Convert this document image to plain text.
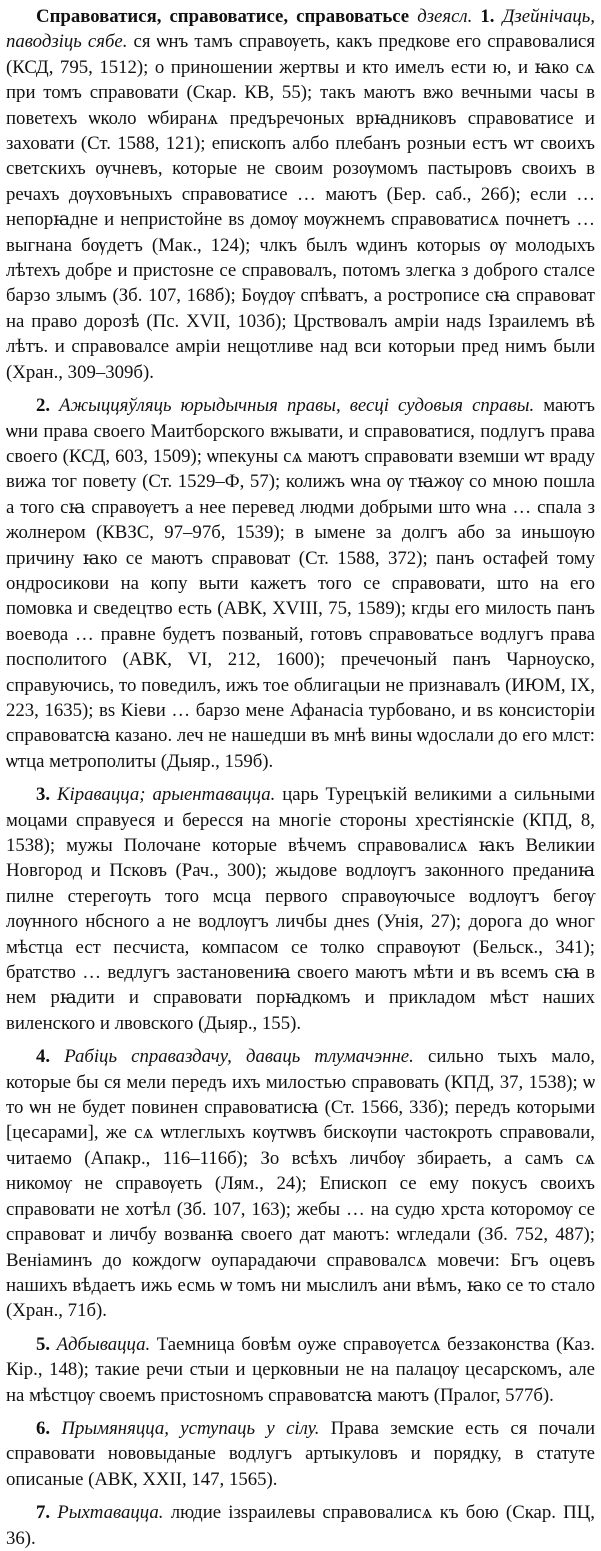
Справоватися, справоватисе, справоватьсе дзеясл. 1. Дзейнічаць, паводзіць сябе. ся ѡнъ тамъ справѹеть, какъ предкове его справовалися (КСД, 795, 1512); о приношении жертвы и кто имелъ ести ю, и ꙗко сѧ при томъ справовати (Скар. КВ, 55); такъ маютъ вжо вечными часы в поветехъ ѡколо ѡбиранѧ предъречоных врꙗдниковъ справоватисе и заховати (Ст. 1588, 121); епископъ албо плебанъ розныи естъ ѡт своихъ светскихъ ѹчневъ, которые не своим розѹмомъ пастыровъ своихъ в речахъ дѹховъныхъ справоватисе … маютъ (Бер. саб., 26б); если … непорꙗдне и непристойне вѕ домѹ мѹжнемъ справоватисѧ почнетъ … выгнана бѹдетъ (Мак., 124); члкъ былъ ѡдинъ которыѕ ѹ молодыхъ лѣтехъ добре и пристоѕне се справовалъ, потомъ злегка з доброго сталсе барзо злымъ (Зб. 107, 168б); Бѹдѹ спѣватъ, а рострописе сꙗ справоват на право дорозѣ (Пс. XVII, 103б); Црствовалъ амріи надѕ Ізраилемъ вѣ лѣтъ. и справовалсе амріи нещотливе над вси которыи пред нимъ были (Хран., 309–309б).

2. Ажыццяўляць юрыдычныя правы, весці судовыя справы. маютъ ѡни права своего Маитборского вжывати, и справоватися, подлугъ права своего (КСД, 603, 1509); ѡпекуны сѧ маютъ справовати вземши ѡт враду вижа тог повету (Ст. 1529–Ф, 57); колижъ ѡна ѹ тꙗжѹ со мною пошла а того сꙗ справѹетъ а нее перевед людми добрыми што ѡна … спала з жолнером (КВЗС, 97–97б, 1539); в ымене за долгъ або за иньшѹю причину ꙗко се маютъ справоват (Ст. 1588, 372); панъ остафей тому ондросикови на копу выти кажетъ того се справовати, што на его помовка и сведецтво есть (АВК, XVIII, 75, 1589); кгды его милость панъ воевода … правне будетъ позваный, готовъ справоватьсе водлугъ права посполитого (АВК, VI, 212, 1600); пречечоный панъ Чарноуско, справуючись, то поведилъ, ижъ тое облигацыи не признавалъ (ИЮМ, IX, 223, 1635); вѕ Кіеви … барзо мене Афанасіа турбовано, и вѕ консисторіи справоватсꙗ казано. леч не нашедши въ мнѣ вины ѡдослали до его млст: ѡтца метрополиты (Дыяр., 159б).

3. Кіравацца; арыентавацца. царь Турецъкій великими а сильными моцами справуеся и бересся на многіе стороны хрестіянскіе (КПД, 8, 1538); мужы Полочане которые вѣчемъ справовалисѧ ꙗкъ Великии Новгород и Псковъ (Рач., 300); жыдове водлѹгъ законного преданиꙗ пилне стерегѹть того мсца первого справѹючысе водлѹгъ бегѹ лѹнного нбсного а не водлѹгъ личбы днеѕ (Унія, 27); дорога до ѡног мѣстца ест песчиста, компасом се толко справѹют (Бельск., 341); братство … ведлугъ застановениꙗ своего маютъ мѣти и въ всемъ сꙗ в нем рꙗдити и справовати порꙗдкомъ и прикладом мѣст наших виленского и лвовского (Дыяр., 155).

4. Рабіць справаздачу, даваць тлумачэнне. сильно тыхъ мало, которые бы ся мели передъ ихъ милостью справовать (КПД, 37, 1538); ѡ то ѡн не будет повинен справоватисꙗ (Ст. 1566, 33б); передъ которыми [цесарами], же сѧ ѡтлеглыхъ кѹтѡвъ бискѹпи частокроть справовали, читаемо (Апакр., 116–116б); Зо всѣхъ личбѹ збираеть, а самъ сѧ никомѹ не справѹеть (Лям., 24); Епископ се ему покусъ своихъ справовати не хотѣл (Зб. 107, 163); жебы … на судю хрста которомѹ се справоват и личбу возванꙗ своего дат маютъ: ѡгледали (Зб. 752, 487); Веніаминъ до кождогѡ оупарадаючи справовалсѧ мовечи: Бгъ оцевъ нашихъ вѣдаетъ ижь есмь ѡ томъ ни мыслилъ ани вѣмъ, ꙗко се то стало (Хран., 71б).

5. Адбывацца. Таемница бовѣм оуже справѹетсѧ беззаконства (Каз. Кір., 148); такие речи стыи и церковныи не на палацѹ цесарскомъ, але на мѣстцѹ своемъ пристоѕномъ справоватсꙗ маютъ (Пралог, 577б).

6. Прымяняцца, уступаць у сілу. Права земские есть ся почали справовати нововыданые водлугъ артыкуловъ и порядку, в статуте описаные (АВК, XXII, 147, 1565).

7. Рыхтавацца. людие ізѕраилевы справовалисѧ къ бою (Скар. ПЦ, 36).
